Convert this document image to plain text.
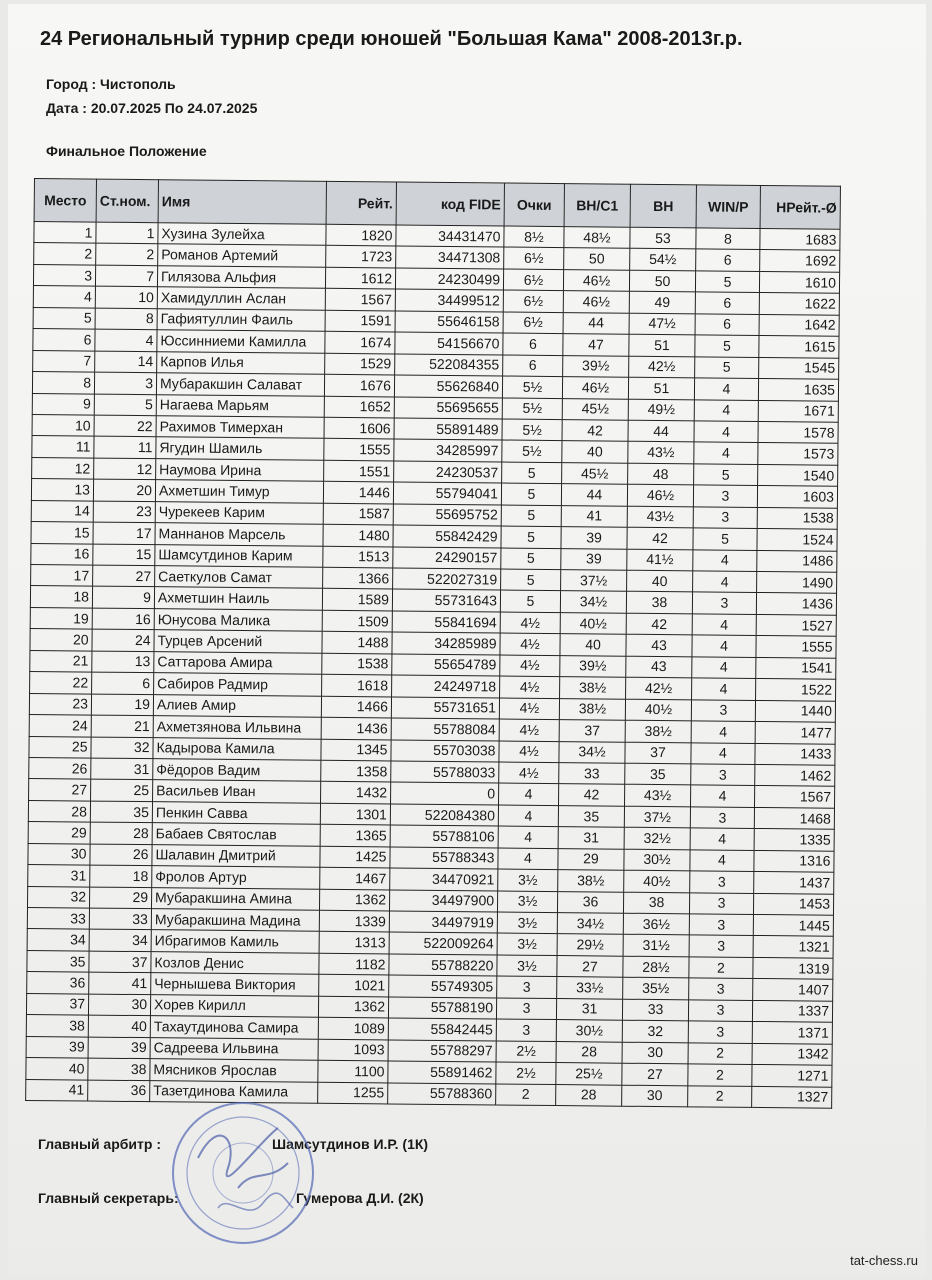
24 Региональный турнир среди юношей "Большая Кама" 2008-2013г.р.
Город : Чистополь
Дата : 20.07.2025 По 24.07.2025
Финальное Положение
Место	Ст.ном.	Имя	Рейт.	код FIDE	Очки	BH/C1	BH	WIN/P	НРейт.-Ø
1	1	Хузина Зулейха	1820	34431470	8½	48½	53	8	1683
2	2	Романов Артемий	1723	34471308	6½	50	54½	6	1692
3	7	Гилязова Альфия	1612	24230499	6½	46½	50	5	1610
4	10	Хамидуллин Аслан	1567	34499512	6½	46½	49	6	1622
5	8	Гафиятуллин Фаиль	1591	55646158	6½	44	47½	6	1642
6	4	Юссинниеми Камилла	1674	54156670	6	47	51	5	1615
7	14	Карпов Илья	1529	522084355	6	39½	42½	5	1545
8	3	Мубаракшин Салават	1676	55626840	5½	46½	51	4	1635
9	5	Нагаева Марьям	1652	55695655	5½	45½	49½	4	1671
10	22	Рахимов Тимерхан	1606	55891489	5½	42	44	4	1578
11	11	Ягудин Шамиль	1555	34285997	5½	40	43½	4	1573
12	12	Наумова Ирина	1551	24230537	5	45½	48	5	1540
13	20	Ахметшин Тимур	1446	55794041	5	44	46½	3	1603
14	23	Чурекеев Карим	1587	55695752	5	41	43½	3	1538
15	17	Маннанов Марсель	1480	55842429	5	39	42	5	1524
16	15	Шамсутдинов Карим	1513	24290157	5	39	41½	4	1486
17	27	Саеткулов Самат	1366	522027319	5	37½	40	4	1490
18	9	Ахметшин Наиль	1589	55731643	5	34½	38	3	1436
19	16	Юнусова Малика	1509	55841694	4½	40½	42	4	1527
20	24	Турцев Арсений	1488	34285989	4½	40	43	4	1555
21	13	Саттарова Амира	1538	55654789	4½	39½	43	4	1541
22	6	Сабиров Радмир	1618	24249718	4½	38½	42½	4	1522
23	19	Алиев Амир	1466	55731651	4½	38½	40½	3	1440
24	21	Ахметзянова Ильвина	1436	55788084	4½	37	38½	4	1477
25	32	Кадырова Камила	1345	55703038	4½	34½	37	4	1433
26	31	Фёдоров Вадим	1358	55788033	4½	33	35	3	1462
27	25	Васильев Иван	1432	0	4	42	43½	4	1567
28	35	Пенкин Савва	1301	522084380	4	35	37½	3	1468
29	28	Бабаев Святослав	1365	55788106	4	31	32½	4	1335
30	26	Шалавин Дмитрий	1425	55788343	4	29	30½	4	1316
31	18	Фролов Артур	1467	34470921	3½	38½	40½	3	1437
32	29	Мубаракшина Амина	1362	34497900	3½	36	38	3	1453
33	33	Мубаракшина Мадина	1339	34497919	3½	34½	36½	3	1445
34	34	Ибрагимов Камиль	1313	522009264	3½	29½	31½	3	1321
35	37	Козлов Денис	1182	55788220	3½	27	28½	2	1319
36	41	Чернышева Виктория	1021	55749305	3	33½	35½	3	1407
37	30	Хорев Кирилл	1362	55788190	3	31	33	3	1337
38	40	Тахаутдинова Самира	1089	55842445	3	30½	32	3	1371
39	39	Садреева Ильвина	1093	55788297	2½	28	30	2	1342
40	38	Мясников Ярослав	1100	55891462	2½	25½	27	2	1271
41	36	Тазетдинова Камила	1255	55788360	2	28	30	2	1327
Главный арбитр :	Шамсутдинов И.Р. (1К)
Главный секретарь:	Гумерова Д.И. (2К)
tat-chess.ru
